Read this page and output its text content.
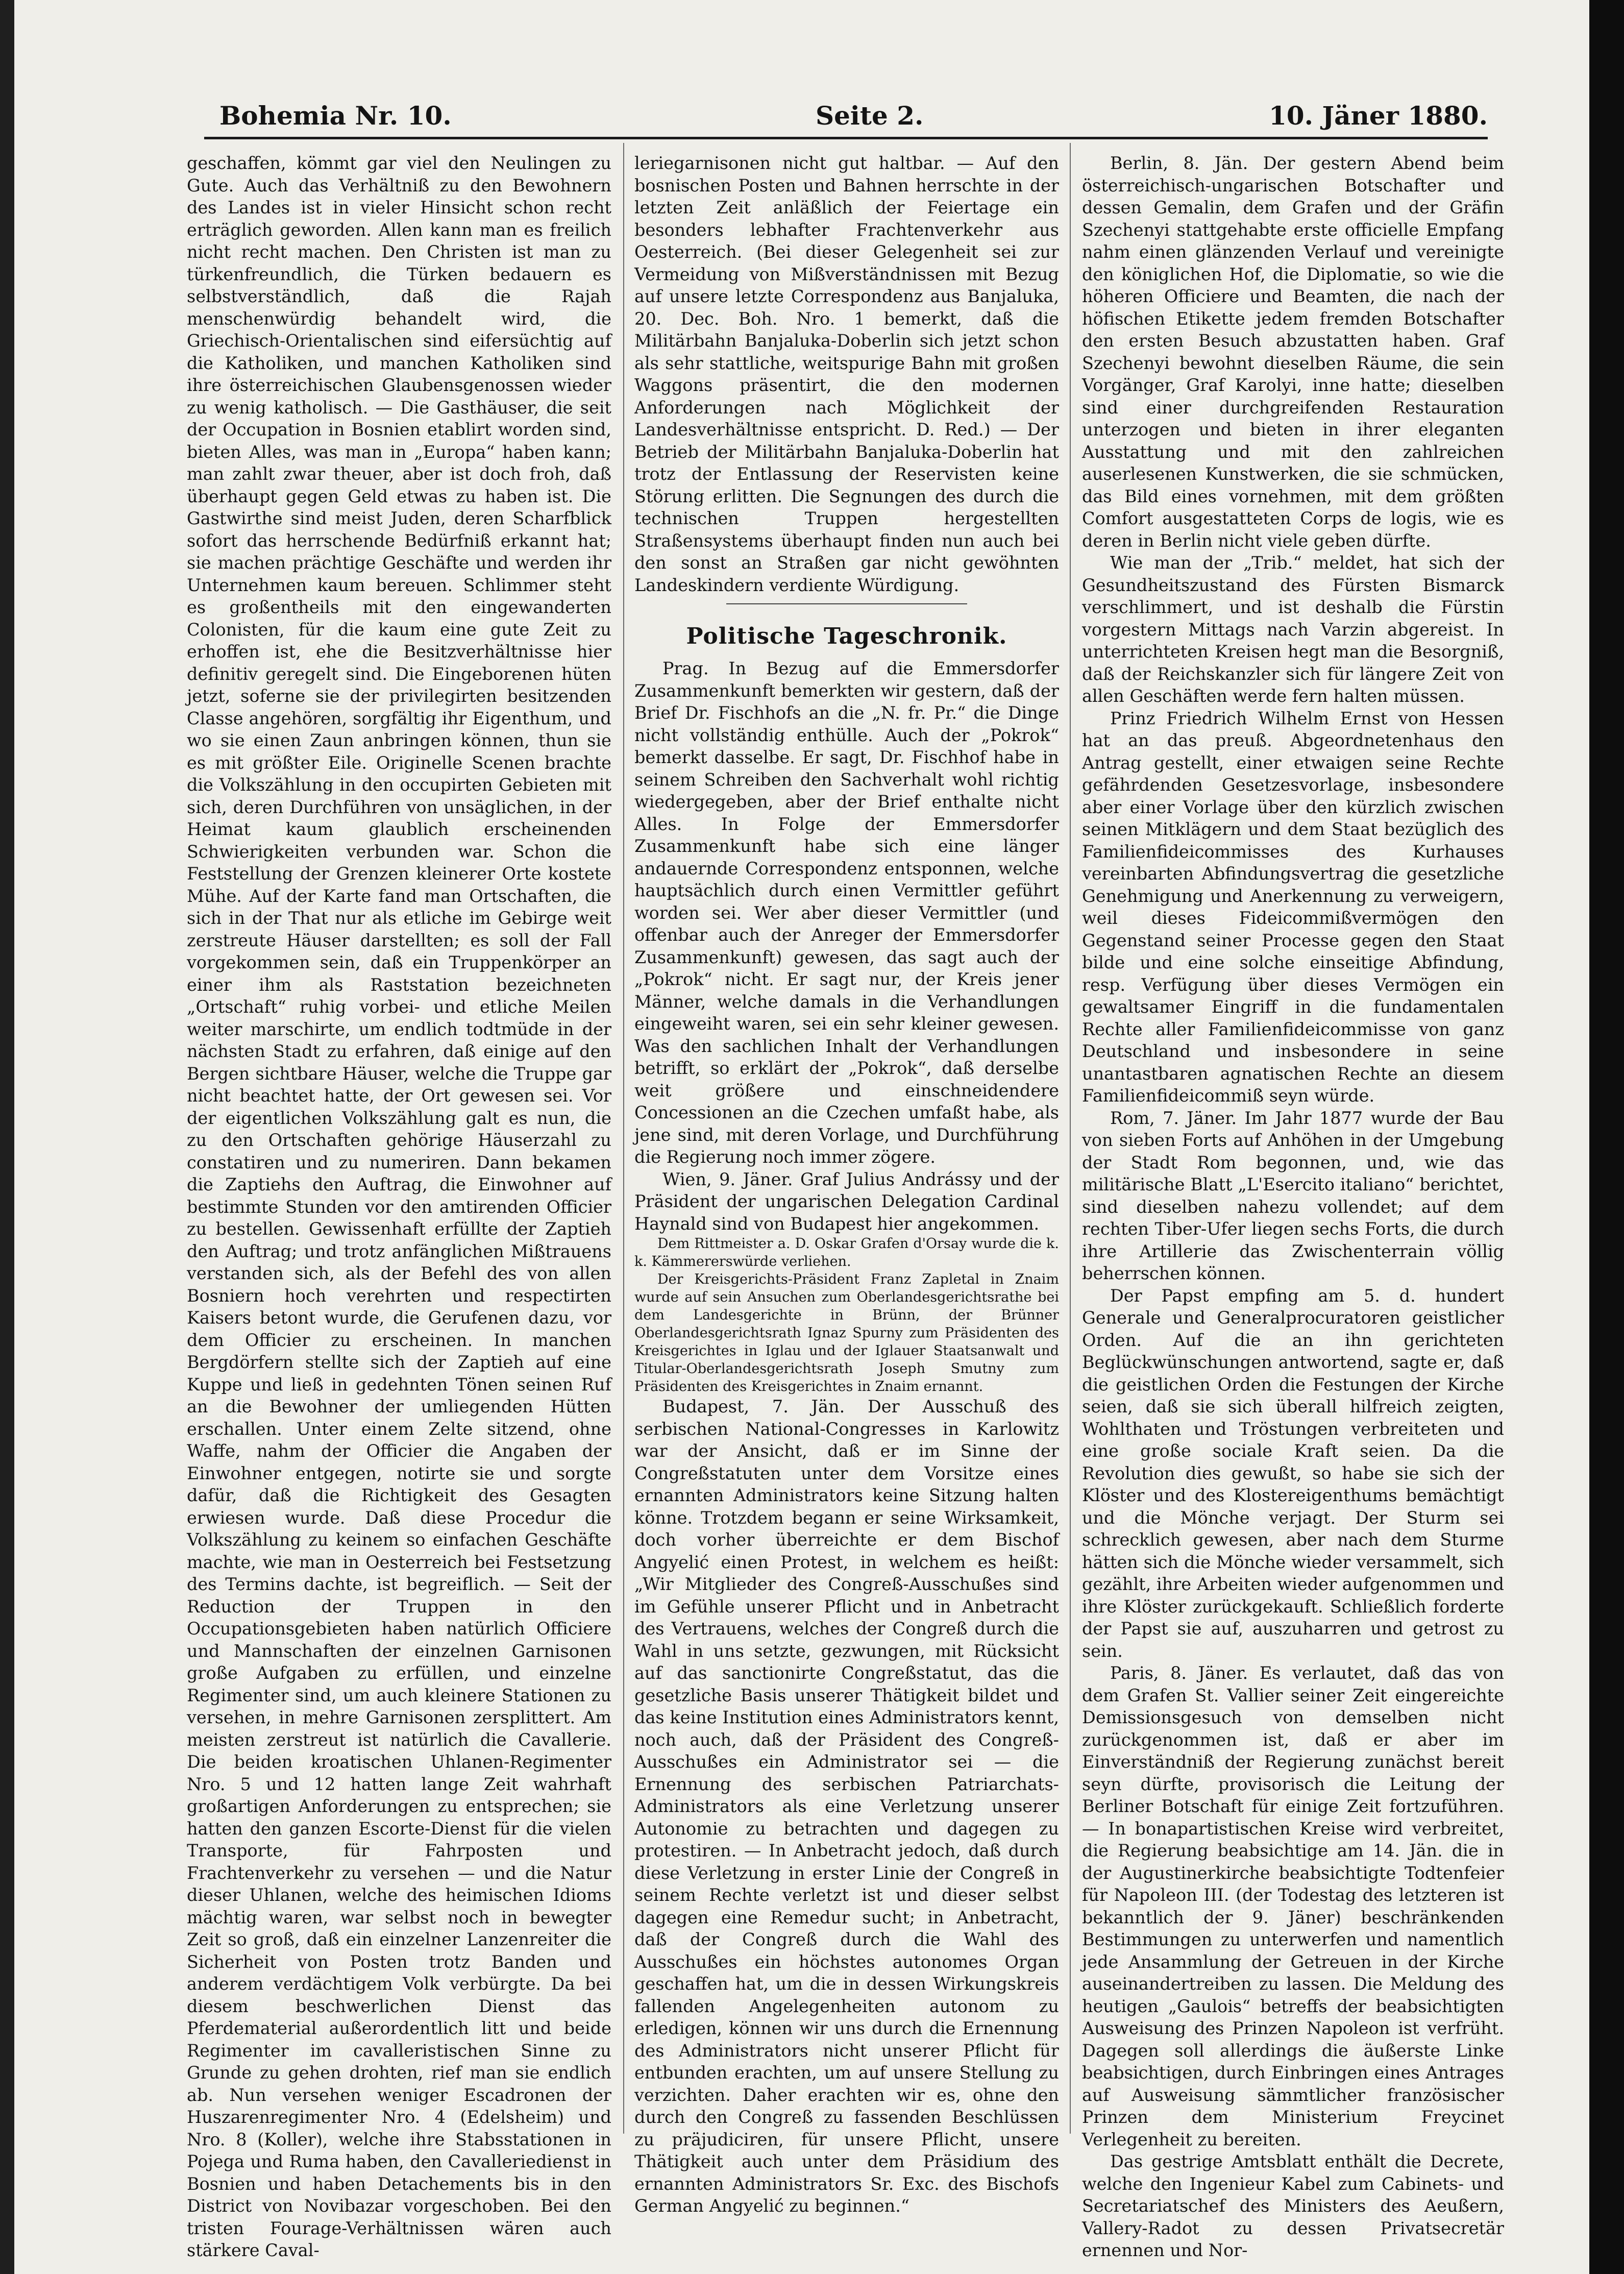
Bohemia Nr. 10.	Seite 2.	10. Jäner 1880.

geschaffen, kömmt gar viel den Neulingen zu Gute. Auch das Verhältniß zu den Bewohnern des Landes ist in vieler Hinsicht schon recht erträglich geworden. Allen kann man es freilich nicht recht machen. Den Christen ist man zu türkenfreundlich, die Türken bedauern es selbstverständlich, daß die Rajah menschenwürdig behandelt wird, die Griechisch-Orientalischen sind eifersüchtig auf die Katholiken, und manchen Katholiken sind ihre österreichischen Glaubensgenossen wieder zu wenig katholisch. — Die Gasthäuser, die seit der Occupation in Bosnien etablirt worden sind, bieten Alles, was man in „Europa“ haben kann; man zahlt zwar theuer, aber ist doch froh, daß überhaupt gegen Geld etwas zu haben ist. Die Gastwirthe sind meist Juden, deren Scharfblick sofort das herrschende Bedürfniß erkannt hat; sie machen prächtige Geschäfte und werden ihr Unternehmen kaum bereuen. Schlimmer steht es großentheils mit den eingewanderten Colonisten, für die kaum eine gute Zeit zu erhoffen ist, ehe die Besitzverhältnisse hier definitiv geregelt sind. Die Eingeborenen hüten jetzt, soferne sie der privilegirten besitzenden Classe angehören, sorgfältig ihr Eigenthum, und wo sie einen Zaun anbringen können, thun sie es mit größter Eile. Originelle Scenen brachte die Volkszählung in den occupirten Gebieten mit sich, deren Durchführen von unsäglichen, in der Heimat kaum glaublich erscheinenden Schwierigkeiten verbunden war. Schon die Feststellung der Grenzen kleinerer Orte kostete Mühe. Auf der Karte fand man Ortschaften, die sich in der That nur als etliche im Gebirge weit zerstreute Häuser darstellten; es soll der Fall vorgekommen sein, daß ein Truppenkörper an einer ihm als Raststation bezeichneten „Ortschaft“ ruhig vorbei- und etliche Meilen weiter marschirte, um endlich todtmüde in der nächsten Stadt zu erfahren, daß einige auf den Bergen sichtbare Häuser, welche die Truppe gar nicht beachtet hatte, der Ort gewesen sei. Vor der eigentlichen Volkszählung galt es nun, die zu den Ortschaften gehörige Häuserzahl zu constatiren und zu numeriren. Dann bekamen die Zaptiehs den Auftrag, die Einwohner auf bestimmte Stunden vor den amtirenden Officier zu bestellen. Gewissenhaft erfüllte der Zaptieh den Auftrag; und trotz anfänglichen Mißtrauens verstanden sich, als der Befehl des von allen Bosniern hoch verehrten und respectirten Kaisers betont wurde, die Gerufenen dazu, vor dem Officier zu erscheinen. In manchen Bergdörfern stellte sich der Zaptieh auf eine Kuppe und ließ in gedehnten Tönen seinen Ruf an die Bewohner der umliegenden Hütten erschallen. Unter einem Zelte sitzend, ohne Waffe, nahm der Officier die Angaben der Einwohner entgegen, notirte sie und sorgte dafür, daß die Richtigkeit des Gesagten erwiesen wurde. Daß diese Procedur die Volkszählung zu keinem so einfachen Geschäfte machte, wie man in Oesterreich bei Festsetzung des Termins dachte, ist begreiflich. — Seit der Reduction der Truppen in den Occupationsgebieten haben natürlich Officiere und Mannschaften der einzelnen Garnisonen große Aufgaben zu erfüllen, und einzelne Regimenter sind, um auch kleinere Stationen zu versehen, in mehre Garnisonen zersplittert. Am meisten zerstreut ist natürlich die Cavallerie. Die beiden kroatischen Uhlanen-Regimenter Nro. 5 und 12 hatten lange Zeit wahrhaft großartigen Anforderungen zu entsprechen; sie hatten den ganzen Escorte-Dienst für die vielen Transporte, für Fahrposten und Frachtenverkehr zu versehen — und die Natur dieser Uhlanen, welche des heimischen Idioms mächtig waren, war selbst noch in bewegter Zeit so groß, daß ein einzelner Lanzenreiter die Sicherheit von Posten trotz Banden und anderem verdächtigem Volk verbürgte. Da bei diesem beschwerlichen Dienst das Pferdematerial außerordentlich litt und beide Regimenter im cavalleristischen Sinne zu Grunde zu gehen drohten, rief man sie endlich ab. Nun versehen weniger Escadronen der Huszarenregimenter Nro. 4 (Edelsheim) und Nro. 8 (Koller), welche ihre Stabsstationen in Pojega und Ruma haben, den Cavalleriedienst in Bosnien und haben Detachements bis in den District von Novibazar vorgeschoben. Bei den tristen Fourage-Verhältnissen wären auch stärkere Caval-

leriegarnisonen nicht gut haltbar. — Auf den bosnischen Posten und Bahnen herrschte in der letzten Zeit anläßlich der Feiertage ein besonders lebhafter Frachtenverkehr aus Oesterreich. (Bei dieser Gelegenheit sei zur Vermeidung von Mißverständnissen mit Bezug auf unsere letzte Correspondenz aus Banjaluka, 20. Dec. Boh. Nro. 1 bemerkt, daß die Militärbahn Banjaluka-Doberlin sich jetzt schon als sehr stattliche, weitspurige Bahn mit großen Waggons präsentirt, die den modernen Anforderungen nach Möglichkeit der Landesverhältnisse entspricht. D. Red.) — Der Betrieb der Militärbahn Banjaluka-Doberlin hat trotz der Entlassung der Reservisten keine Störung erlitten. Die Segnungen des durch die technischen Truppen hergestellten Straßensystems überhaupt finden nun auch bei den sonst an Straßen gar nicht gewöhnten Landeskindern verdiente Würdigung.

Politische Tageschronik.

Prag. In Bezug auf die Emmersdorfer Zusammenkunft bemerkten wir gestern, daß der Brief Dr. Fischhofs an die „N. fr. Pr.“ die Dinge nicht vollständig enthülle. Auch der „Pokrok“ bemerkt dasselbe. Er sagt, Dr. Fischhof habe in seinem Schreiben den Sachverhalt wohl richtig wiedergegeben, aber der Brief enthalte nicht Alles. In Folge der Emmersdorfer Zusammenkunft habe sich eine länger andauernde Correspondenz entsponnen, welche hauptsächlich durch einen Vermittler geführt worden sei. Wer aber dieser Vermittler (und offenbar auch der Anreger der Emmersdorfer Zusammenkunft) gewesen, das sagt auch der „Pokrok“ nicht. Er sagt nur, der Kreis jener Männer, welche damals in die Verhandlungen eingeweiht waren, sei ein sehr kleiner gewesen. Was den sachlichen Inhalt der Verhandlungen betrifft, so erklärt der „Pokrok“, daß derselbe weit größere und einschneidendere Concessionen an die Czechen umfaßt habe, als jene sind, mit deren Vorlage, und Durchführung die Regierung noch immer zögere.

Wien, 9. Jäner. Graf Julius Andrássy und der Präsident der ungarischen Delegation Cardinal Haynald sind von Budapest hier angekommen.

Dem Rittmeister a. D. Oskar Grafen d'Orsay wurde die k. k. Kämmererswürde verliehen.

Der Kreisgerichts-Präsident Franz Zapletal in Znaim wurde auf sein Ansuchen zum Oberlandesgerichtsrathe bei dem Landesgerichte in Brünn, der Brünner Oberlandesgerichtsrath Ignaz Spurny zum Präsidenten des Kreisgerichtes in Iglau und der Iglauer Staatsanwalt und Titular-Oberlandesgerichtsrath Joseph Smutny zum Präsidenten des Kreisgerichtes in Znaim ernannt.

Budapest, 7. Jän. Der Ausschuß des serbischen National-Congresses in Karlowitz war der Ansicht, daß er im Sinne der Congreßstatuten unter dem Vorsitze eines ernannten Administrators keine Sitzung halten könne. Trotzdem begann er seine Wirksamkeit, doch vorher überreichte er dem Bischof Angyelić einen Protest, in welchem es heißt: „Wir Mitglieder des Congreß-Ausschußes sind im Gefühle unserer Pflicht und in Anbetracht des Vertrauens, welches der Congreß durch die Wahl in uns setzte, gezwungen, mit Rücksicht auf das sanctionirte Congreßstatut, das die gesetzliche Basis unserer Thätigkeit bildet und das keine Institution eines Administrators kennt, noch auch, daß der Präsident des Congreß-Ausschußes ein Administrator sei — die Ernennung des serbischen Patriarchats-Administrators als eine Verletzung unserer Autonomie zu betrachten und dagegen zu protestiren. — In Anbetracht jedoch, daß durch diese Verletzung in erster Linie der Congreß in seinem Rechte verletzt ist und dieser selbst dagegen eine Remedur sucht; in Anbetracht, daß der Congreß durch die Wahl des Ausschußes ein höchstes autonomes Organ geschaffen hat, um die in dessen Wirkungskreis fallenden Angelegenheiten autonom zu erledigen, können wir uns durch die Ernennung des Administrators nicht unserer Pflicht für entbunden erachten, um auf unsere Stellung zu verzichten. Daher erachten wir es, ohne den durch den Congreß zu fassenden Beschlüssen zu präjudiciren, für unsere Pflicht, unsere Thätigkeit auch unter dem Präsidium des ernannten Administrators Sr. Exc. des Bischofs German Angyelić zu beginnen.“

Berlin, 8. Jän. Der gestern Abend beim österreichisch-ungarischen Botschafter und dessen Gemalin, dem Grafen und der Gräfin Szechenyi stattgehabte erste officielle Empfang nahm einen glänzenden Verlauf und vereinigte den königlichen Hof, die Diplomatie, so wie die höheren Officiere und Beamten, die nach der höfischen Etikette jedem fremden Botschafter den ersten Besuch abzustatten haben. Graf Szechenyi bewohnt dieselben Räume, die sein Vorgänger, Graf Karolyi, inne hatte; dieselben sind einer durchgreifenden Restauration unterzogen und bieten in ihrer eleganten Ausstattung und mit den zahlreichen auserlesenen Kunstwerken, die sie schmücken, das Bild eines vornehmen, mit dem größten Comfort ausgestatteten Corps de logis, wie es deren in Berlin nicht viele geben dürfte.

Wie man der „Trib.“ meldet, hat sich der Gesundheitszustand des Fürsten Bismarck verschlimmert, und ist deshalb die Fürstin vorgestern Mittags nach Varzin abgereist. In unterrichteten Kreisen hegt man die Besorgniß, daß der Reichskanzler sich für längere Zeit von allen Geschäften werde fern halten müssen.

Prinz Friedrich Wilhelm Ernst von Hessen hat an das preuß. Abgeordnetenhaus den Antrag gestellt, einer etwaigen seine Rechte gefährdenden Gesetzesvorlage, insbesondere aber einer Vorlage über den kürzlich zwischen seinen Mitklägern und dem Staat bezüglich des Familienfideicommisses des Kurhauses vereinbarten Abfindungsvertrag die gesetzliche Genehmigung und Anerkennung zu verweigern, weil dieses Fideicommißvermögen den Gegenstand seiner Processe gegen den Staat bilde und eine solche einseitige Abfindung, resp. Verfügung über dieses Vermögen ein gewaltsamer Eingriff in die fundamentalen Rechte aller Familienfideicommisse von ganz Deutschland und insbesondere in seine unantastbaren agnatischen Rechte an diesem Familienfideicommiß seyn würde.

Rom, 7. Jäner. Im Jahr 1877 wurde der Bau von sieben Forts auf Anhöhen in der Umgebung der Stadt Rom begonnen, und, wie das militärische Blatt „L'Esercito italiano“ berichtet, sind dieselben nahezu vollendet; auf dem rechten Tiber-Ufer liegen sechs Forts, die durch ihre Artillerie das Zwischenterrain völlig beherrschen können.

Der Papst empfing am 5. d. hundert Generale und Generalprocuratoren geistlicher Orden. Auf die an ihn gerichteten Beglückwünschungen antwortend, sagte er, daß die geistlichen Orden die Festungen der Kirche seien, daß sie sich überall hilfreich zeigten, Wohlthaten und Tröstungen verbreiteten und eine große sociale Kraft seien. Da die Revolution dies gewußt, so habe sie sich der Klöster und des Klostereigenthums bemächtigt und die Mönche verjagt. Der Sturm sei schrecklich gewesen, aber nach dem Sturme hätten sich die Mönche wieder versammelt, sich gezählt, ihre Arbeiten wieder aufgenommen und ihre Klöster zurückgekauft. Schließlich forderte der Papst sie auf, auszuharren und getrost zu sein.

Paris, 8. Jäner. Es verlautet, daß das von dem Grafen St. Vallier seiner Zeit eingereichte Demissionsgesuch von demselben nicht zurückgenommen ist, daß er aber im Einverständniß der Regierung zunächst bereit seyn dürfte, provisorisch die Leitung der Berliner Botschaft für einige Zeit fortzuführen. — In bonapartistischen Kreise wird verbreitet, die Regierung beabsichtige am 14. Jän. die in der Augustinerkirche beabsichtigte Todtenfeier für Napoleon III. (der Todestag des letzteren ist bekanntlich der 9. Jäner) beschränkenden Bestimmungen zu unterwerfen und namentlich jede Ansammlung der Getreuen in der Kirche auseinandertreiben zu lassen. Die Meldung des heutigen „Gaulois“ betreffs der beabsichtigten Ausweisung des Prinzen Napoleon ist verfrüht. Dagegen soll allerdings die äußerste Linke beabsichtigen, durch Einbringen eines Antrages auf Ausweisung sämmtlicher französischer Prinzen dem Ministerium Freycinet Verlegenheit zu bereiten.

Das gestrige Amtsblatt enthält die Decrete, welche den Ingenieur Kabel zum Cabinets- und Secretariatschef des Ministers des Aeußern, Vallery-Radot zu dessen Privatsecretär ernennen und Nor-
